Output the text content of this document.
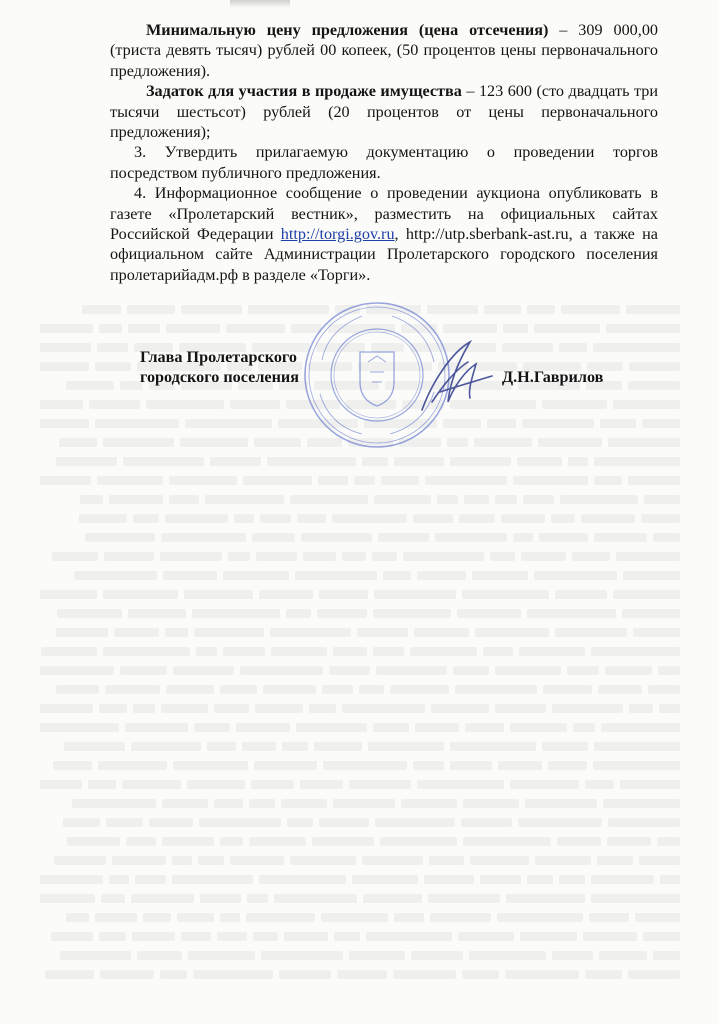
Минимальную цену предложения (цена отсечения) – 309 000,00 (триста девять тысяч) рублей 00 копеек, (50 процентов цены первоначального предложения).

Задаток для участия в продаже имущества – 123 600 (сто двадцать три тысячи шестьсот) рублей (20 процентов от цены первоначального предложения);

3. Утвердить прилагаемую документацию о проведении торгов посредством публичного предложения.

4. Информационное сообщение о проведении аукциона опубликовать в газете «Пролетарский вестник», разместить на официальных сайтах Российской Федерации http://torgi.gov.ru, http://utp.sberbank-ast.ru, а также на официальном сайте Администрации Пролетарского городского поселения пролетарийадм.рф в разделе «Торги».

Глава Пролетарского
городского поселения	Д.Н.Гаврилов
